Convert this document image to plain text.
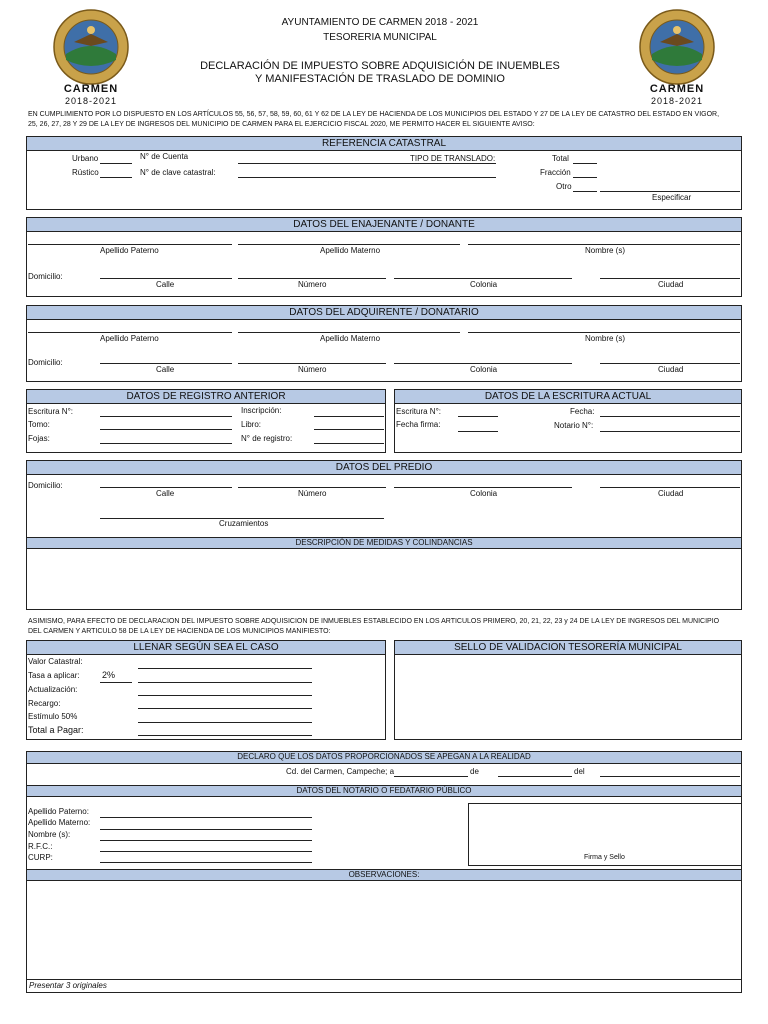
CARMEN
2018-2021
CARMEN
2018-2021
AYUNTAMIENTO DE CARMEN 2018 - 2021
TESORERIA MUNICIPAL
DECLARACIÓN DE IMPUESTO SOBRE ADQUISICIÓN DE INUEMBLES
Y MANIFESTACIÓN DE TRASLADO DE DOMINIO
EN CUMPLIMIENTO POR LO DISPUESTO EN LOS ARTÍCULOS 55, 56, 57, 58, 59, 60, 61 Y 62 DE LA LEY DE HACIENDA DE LOS MUNICIPIOS DEL ESTADO Y 27 DE LA LEY DE CATASTRO DEL ESTADO EN VIGOR,
25, 26, 27, 28 Y 29 DE LA LEY DE INGRESOS DEL MUNICIPIO DE CARMEN PARA EL EJERCICIO FISCAL 2020, ME PERMITO HACER EL SIGUIENTE AVISO:
REFERENCIA CATASTRAL
Urbano
Rústico
N° de Cuenta
N° de clave catastral:
TIPO DE TRANSLADO:	Total
Fracción
Otro
Especificar
DATOS DEL ENAJENANTE / DONANTE
Apellido Paterno	Apellido Materno	Nombre (s)
Domicilio:
Calle	Número	Colonia	Ciudad
DATOS DEL ADQUIRENTE / DONATARIO
Apellido Paterno	Apellido Materno	Nombre (s)
Domicilio:
Calle	Número	Colonia	Ciudad
DATOS DE REGISTRO ANTERIOR
Escritura N°:
Tomo:
Fojas:
Inscripción:
Libro:
N° de registro:
DATOS DE LA ESCRITURA ACTUAL
Escritura N°:
Fecha firma:
Fecha:
Notario N°:
DATOS DEL PREDIO
DESCRIPCIÓN DE MEDIDAS Y COLINDANCIAS
Domicilio:
Calle	Número	Colonia	Ciudad
Cruzamientos
ASIMISMO, PARA EFECTO DE DECLARACION DEL IMPUESTO SOBRE ADQUISICION DE INMUEBLES ESTABLECIDO EN LOS ARTICULOS PRIMERO, 20, 21, 22, 23 y 24 DE LA LEY DE INGRESOS DEL MUNICIPIO
DEL CARMEN Y ARTICULO 58 DE LA LEY DE HACIENDA DE LOS MUNICIPIOS MANIFIESTO:
LLENAR SEGÚN SEA EL CASO
Valor Catastral:
Tasa a aplicar: 2%
Actualización:
Recargo:
Estímulo 50%
Total a Pagar:
SELLO DE VALIDACION TESORERÍA MUNICIPAL
DECLARO QUE LOS DATOS PROPORCIONADOS SE APEGAN A LA REALIDAD
DATOS DEL NOTARIO O FEDATARIO PÚBLICO
OBSERVACIONES:
Cd. del Carmen, Campeche; a	de	del
Apellido Paterno:
Apellido Materno:
Nombre (s):
R.F.C.:
CURP:	Firma y Sello
Presentar 3 originales
